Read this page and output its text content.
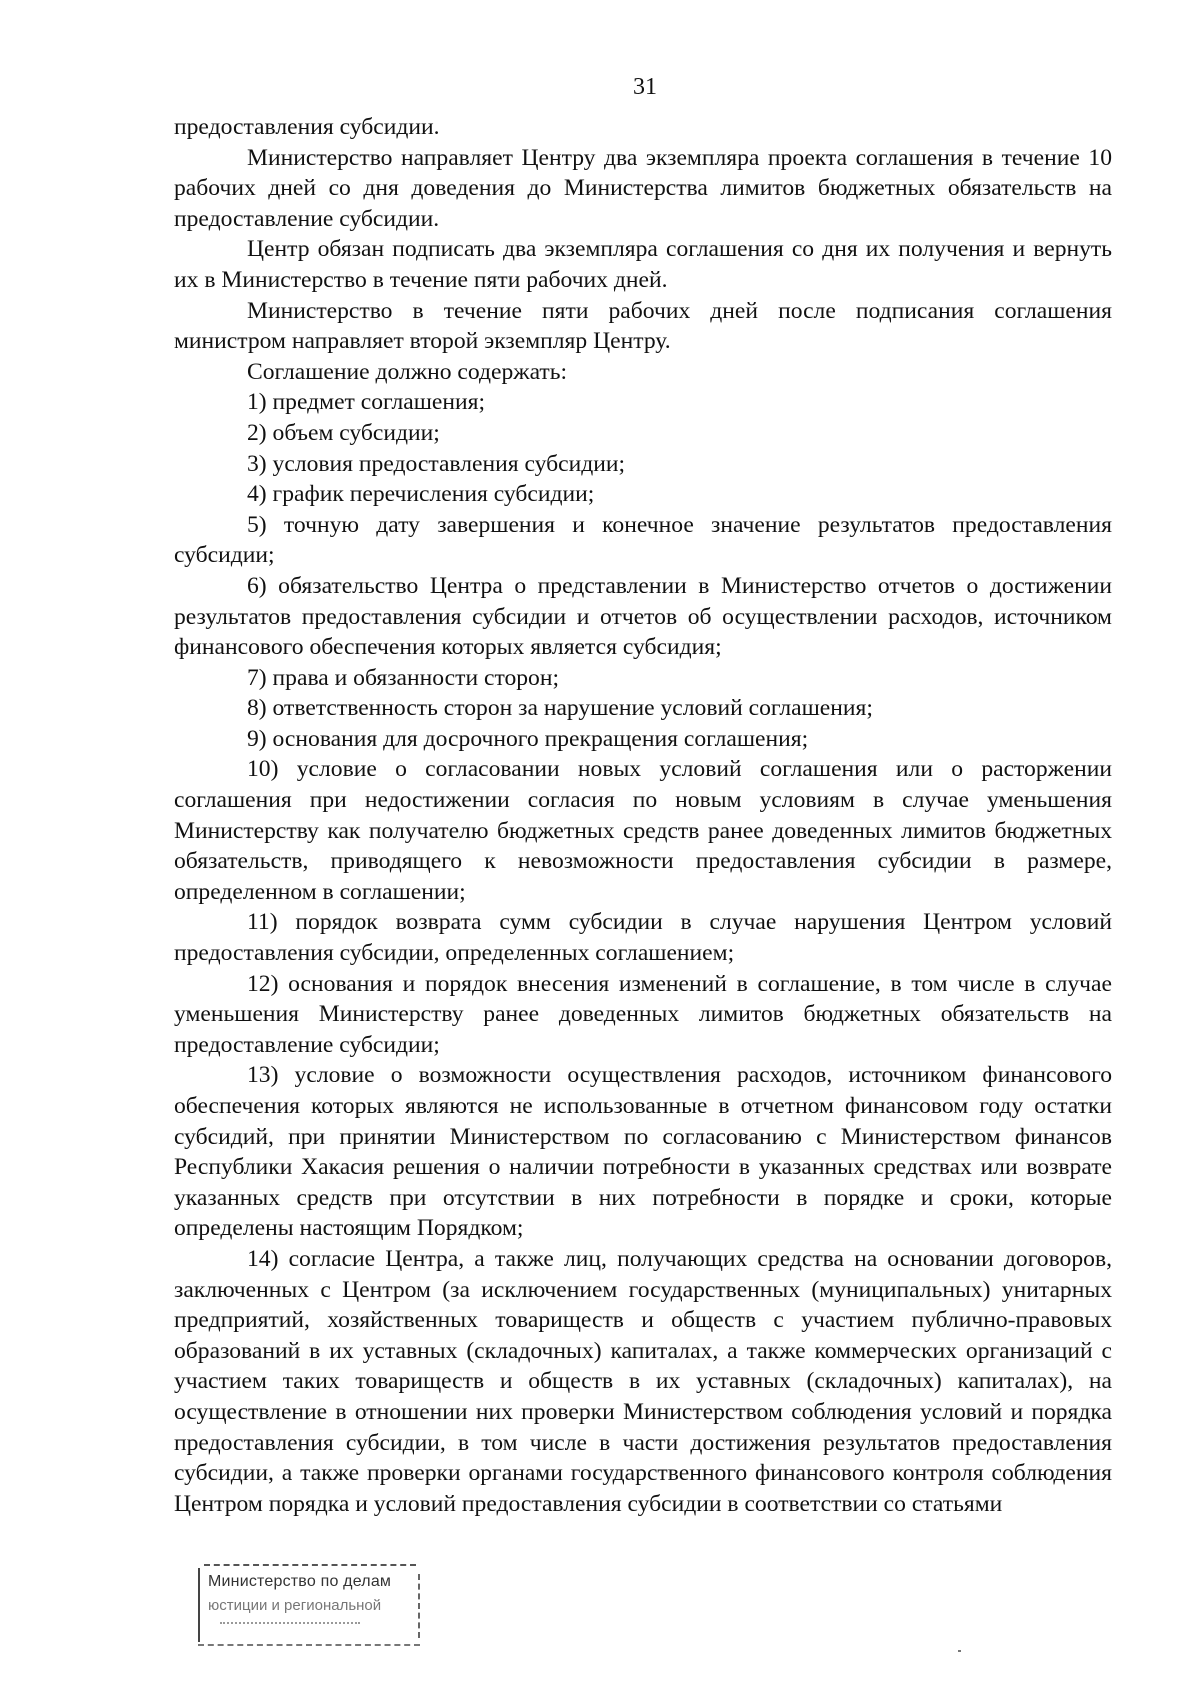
31

предоставления субсидии.

Министерство направляет Центру два экземпляра проекта соглашения в течение 10 рабочих дней со дня доведения до Министерства лимитов бюджетных обязательств на предоставление субсидии.

Центр обязан подписать два экземпляра соглашения со дня их получения и вернуть их в Министерство в течение пяти рабочих дней.

Министерство в течение пяти рабочих дней после подписания соглашения министром направляет второй экземпляр Центру.

Соглашение должно содержать:

1) предмет соглашения;

2) объем субсидии;

3) условия предоставления субсидии;

4) график перечисления субсидии;

5) точную дату завершения и конечное значение результатов предоставления субсидии;

6) обязательство Центра о представлении в Министерство отчетов о достижении результатов предоставления субсидии и отчетов об осуществлении расходов, источником финансового обеспечения которых является субсидия;

7) права и обязанности сторон;

8) ответственность сторон за нарушение условий соглашения;

9) основания для досрочного прекращения соглашения;

10) условие о согласовании новых условий соглашения или о расторжении соглашения при недостижении согласия по новым условиям в случае уменьшения Министерству как получателю бюджетных средств ранее доведенных лимитов бюджетных обязательств, приводящего к невозможности предоставления субсидии в размере, определенном в соглашении;

11) порядок возврата сумм субсидии в случае нарушения Центром условий предоставления субсидии, определенных соглашением;

12) основания и порядок внесения изменений в соглашение, в том числе в случае уменьшения Министерству ранее доведенных лимитов бюджетных обязательств на предоставление субсидии;

13) условие о возможности осуществления расходов, источником финансового обеспечения которых являются не использованные в отчетном финансовом году остатки субсидий, при принятии Министерством по согласованию с Министерством финансов Республики Хакасия решения о наличии потребности в указанных средствах или возврате указанных средств при отсутствии в них потребности в порядке и сроки, которые определены настоящим Порядком;

14) согласие Центра, а также лиц, получающих средства на основании договоров, заключенных с Центром (за исключением государственных (муниципальных) унитарных предприятий, хозяйственных товариществ и обществ с участием публично-правовых образований в их уставных (складочных) капиталах, а также коммерческих организаций с участием таких товариществ и обществ в их уставных (складочных) капиталах), на осуществление в отношении них проверки Министерством соблюдения условий и порядка предоставления субсидии, в том числе в части достижения результатов предоставления субсидии, а также проверки органами государственного финансового контроля соблюдения Центром порядка и условий предоставления субсидии в соответствии со статьями

Министерство по делам
юстиции и региональной
